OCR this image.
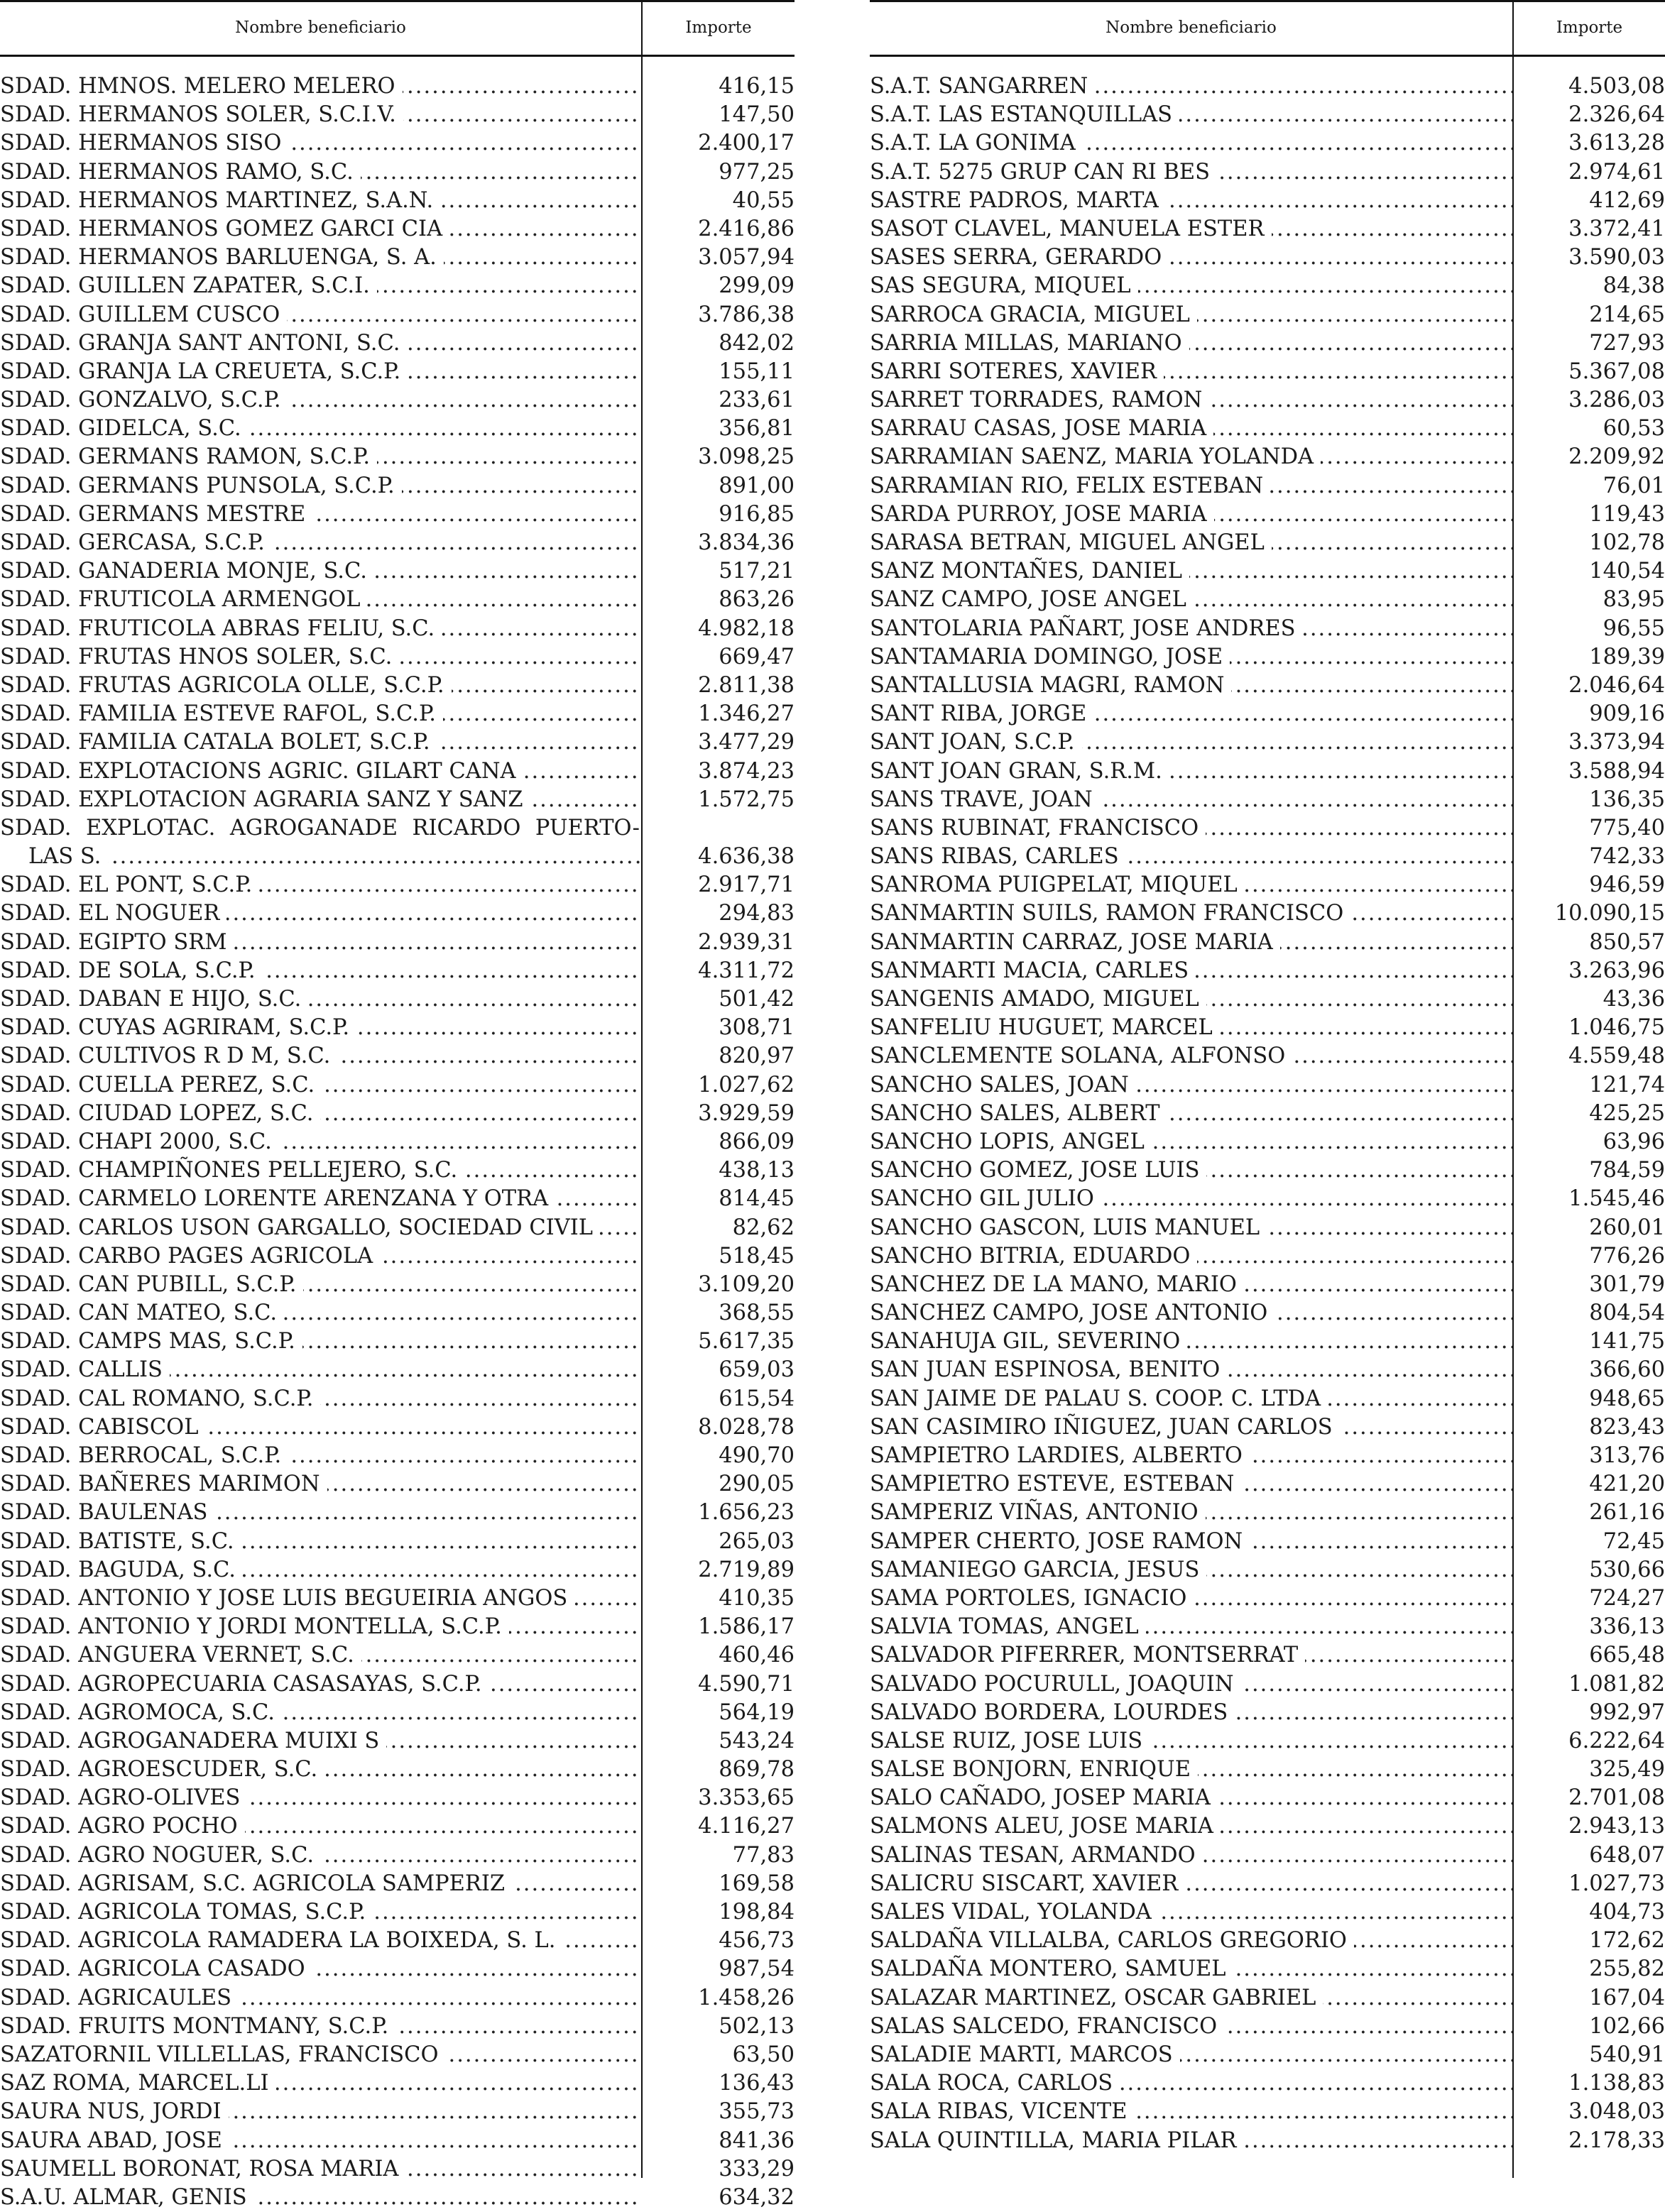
Nombre beneficiario	Importe
SDAD. HMNOS. MELERO MELERO .....	416,15
SDAD. HERMANOS SOLER, S.C.I.V. .....	147,50
SDAD. HERMANOS SISO .....	2.400,17
SDAD. HERMANOS RAMO, S.C. .....	977,25
SDAD. HERMANOS MARTINEZ, S.A.N. .....	40,55
SDAD. HERMANOS GOMEZ GARCI CIA .....	2.416,86
SDAD. HERMANOS BARLUENGA, S. A. .....	3.057,94
SDAD. GUILLEN ZAPATER, S.C.I. .....	299,09
SDAD. GUILLEM CUSCO .....	3.786,38
SDAD. GRANJA SANT ANTONI, S.C. .....	842,02
SDAD. GRANJA LA CREUETA, S.C.P. .....	155,11
SDAD. GONZALVO, S.C.P. .....	233,61
SDAD. GIDELCA, S.C. .....	356,81
SDAD. GERMANS RAMON, S.C.P. .....	3.098,25
SDAD. GERMANS PUNSOLA, S.C.P. .....	891,00
SDAD. GERMANS MESTRE .....	916,85
SDAD. GERCASA, S.C.P. .....	3.834,36
SDAD. GANADERIA MONJE, S.C. .....	517,21
SDAD. FRUTICOLA ARMENGOL .....	863,26
SDAD. FRUTICOLA ABRAS FELIU, S.C. .....	4.982,18
SDAD. FRUTAS HNOS SOLER, S.C. .....	669,47
SDAD. FRUTAS AGRICOLA OLLE, S.C.P. .....	2.811,38
SDAD. FAMILIA ESTEVE RAFOL, S.C.P. .....	1.346,27
SDAD. FAMILIA CATALA BOLET, S.C.P. .....	3.477,29
SDAD. EXPLOTACIONS AGRIC. GILART CANA .....	3.874,23
SDAD. EXPLOTACION AGRARIA SANZ Y SANZ .....	1.572,75
SDAD. EXPLOTAC. AGROGANADE RICARDO PUERTO-
LAS S. .....	4.636,38
SDAD. EL PONT, S.C.P. .....	2.917,71
SDAD. EL NOGUER .....	294,83
SDAD. EGIPTO SRM .....	2.939,31
SDAD. DE SOLA, S.C.P. .....	4.311,72
SDAD. DABAN E HIJO, S.C. .....	501,42
SDAD. CUYAS AGRIRAM, S.C.P. .....	308,71
SDAD. CULTIVOS R D M, S.C. .....	820,97
SDAD. CUELLA PEREZ, S.C. .....	1.027,62
SDAD. CIUDAD LOPEZ, S.C. .....	3.929,59
SDAD. CHAPI 2000, S.C. .....	866,09
SDAD. CHAMPIÑONES PELLEJERO, S.C. .....	438,13
SDAD. CARMELO LORENTE ARENZANA Y OTRA .....	814,45
SDAD. CARLOS USON GARGALLO, SOCIEDAD CIVIL .....	82,62
SDAD. CARBO PAGES AGRICOLA .....	518,45
SDAD. CAN PUBILL, S.C.P. .....	3.109,20
SDAD. CAN MATEO, S.C. .....	368,55
SDAD. CAMPS MAS, S.C.P. .....	5.617,35
SDAD. CALLIS .....	659,03
SDAD. CAL ROMANO, S.C.P. .....	615,54
SDAD. CABISCOL .....	8.028,78
SDAD. BERROCAL, S.C.P. .....	490,70
SDAD. BAÑERES MARIMON .....	290,05
SDAD. BAULENAS .....	1.656,23
SDAD. BATISTE, S.C. .....	265,03
SDAD. BAGUDA, S.C. .....	2.719,89
SDAD. ANTONIO Y JOSE LUIS BEGUEIRIA ANGOS .....	410,35
SDAD. ANTONIO Y JORDI MONTELLA, S.C.P. .....	1.586,17
SDAD. ANGUERA VERNET, S.C. .....	460,46
SDAD. AGROPECUARIA CASASAYAS, S.C.P. .....	4.590,71
SDAD. AGROMOCA, S.C. .....	564,19
SDAD. AGROGANADERA MUIXI S .....	543,24
SDAD. AGROESCUDER, S.C. .....	869,78
SDAD. AGRO-OLIVES .....	3.353,65
SDAD. AGRO POCHO .....	4.116,27
SDAD. AGRO NOGUER, S.C. .....	77,83
SDAD. AGRISAM, S.C. AGRICOLA SAMPERIZ .....	169,58
SDAD. AGRICOLA TOMAS, S.C.P. .....	198,84
SDAD. AGRICOLA RAMADERA LA BOIXEDA, S. L. .....	456,73
SDAD. AGRICOLA CASADO .....	987,54
SDAD. AGRICAULES .....	1.458,26
SDAD. FRUITS MONTMANY, S.C.P. .....	502,13
SAZATORNIL VILLELLAS, FRANCISCO .....	63,50
SAZ ROMA, MARCEL.LI .....	136,43
SAURA NUS, JORDI .....	355,73
SAURA ABAD, JOSE .....	841,36
SAUMELL BORONAT, ROSA MARIA .....	333,29
S.A.U. ALMAR, GENIS .....	634,32
Nombre beneficiario	Importe
S.A.T. SANGARREN .....	4.503,08
S.A.T. LAS ESTANQUILLAS .....	2.326,64
S.A.T. LA GONIMA .....	3.613,28
S.A.T. 5275 GRUP CAN RI BES .....	2.974,61
SASTRE PADROS, MARTA .....	412,69
SASOT CLAVEL, MANUELA ESTER .....	3.372,41
SASES SERRA, GERARDO .....	3.590,03
SAS SEGURA, MIQUEL .....	84,38
SARROCA GRACIA, MIGUEL .....	214,65
SARRIA MILLAS, MARIANO .....	727,93
SARRI SOTERES, XAVIER .....	5.367,08
SARRET TORRADES, RAMON .....	3.286,03
SARRAU CASAS, JOSE MARIA .....	60,53
SARRAMIAN SAENZ, MARIA YOLANDA .....	2.209,92
SARRAMIAN RIO, FELIX ESTEBAN .....	76,01
SARDA PURROY, JOSE MARIA .....	119,43
SARASA BETRAN, MIGUEL ANGEL .....	102,78
SANZ MONTAÑES, DANIEL .....	140,54
SANZ CAMPO, JOSE ANGEL .....	83,95
SANTOLARIA PAÑART, JOSE ANDRES .....	96,55
SANTAMARIA DOMINGO, JOSE .....	189,39
SANTALLUSIA MAGRI, RAMON .....	2.046,64
SANT RIBA, JORGE .....	909,16
SANT JOAN, S.C.P. .....	3.373,94
SANT JOAN GRAN, S.R.M. .....	3.588,94
SANS TRAVE, JOAN .....	136,35
SANS RUBINAT, FRANCISCO .....	775,40
SANS RIBAS, CARLES .....	742,33
SANROMA PUIGPELAT, MIQUEL .....	946,59
SANMARTIN SUILS, RAMON FRANCISCO .....	10.090,15
SANMARTIN CARRAZ, JOSE MARIA .....	850,57
SANMARTI MACIA, CARLES .....	3.263,96
SANGENIS AMADO, MIGUEL .....	43,36
SANFELIU HUGUET, MARCEL .....	1.046,75
SANCLEMENTE SOLANA, ALFONSO .....	4.559,48
SANCHO SALES, JOAN .....	121,74
SANCHO SALES, ALBERT .....	425,25
SANCHO LOPIS, ANGEL .....	63,96
SANCHO GOMEZ, JOSE LUIS .....	784,59
SANCHO GIL JULIO .....	1.545,46
SANCHO GASCON, LUIS MANUEL .....	260,01
SANCHO BITRIA, EDUARDO .....	776,26
SANCHEZ DE LA MANO, MARIO .....	301,79
SANCHEZ CAMPO, JOSE ANTONIO .....	804,54
SANAHUJA GIL, SEVERINO .....	141,75
SAN JUAN ESPINOSA, BENITO .....	366,60
SAN JAIME DE PALAU S. COOP. C. LTDA .....	948,65
SAN CASIMIRO IÑIGUEZ, JUAN CARLOS .....	823,43
SAMPIETRO LARDIES, ALBERTO .....	313,76
SAMPIETRO ESTEVE, ESTEBAN .....	421,20
SAMPERIZ VIÑAS, ANTONIO .....	261,16
SAMPER CHERTO, JOSE RAMON .....	72,45
SAMANIEGO GARCIA, JESUS .....	530,66
SAMA PORTOLES, IGNACIO .....	724,27
SALVIA TOMAS, ANGEL .....	336,13
SALVADOR PIFERRER, MONTSERRAT .....	665,48
SALVADO POCURULL, JOAQUIN .....	1.081,82
SALVADO BORDERA, LOURDES .....	992,97
SALSE RUIZ, JOSE LUIS .....	6.222,64
SALSE BONJORN, ENRIQUE .....	325,49
SALO CAÑADO, JOSEP MARIA .....	2.701,08
SALMONS ALEU, JOSE MARIA .....	2.943,13
SALINAS TESAN, ARMANDO .....	648,07
SALICRU SISCART, XAVIER .....	1.027,73
SALES VIDAL, YOLANDA .....	404,73
SALDAÑA VILLALBA, CARLOS GREGORIO .....	172,62
SALDAÑA MONTERO, SAMUEL .....	255,82
SALAZAR MARTINEZ, OSCAR GABRIEL .....	167,04
SALAS SALCEDO, FRANCISCO .....	102,66
SALADIE MARTI, MARCOS .....	540,91
SALA ROCA, CARLOS .....	1.138,83
SALA RIBAS, VICENTE .....	3.048,03
SALA QUINTILLA, MARIA PILAR .....	2.178,33
